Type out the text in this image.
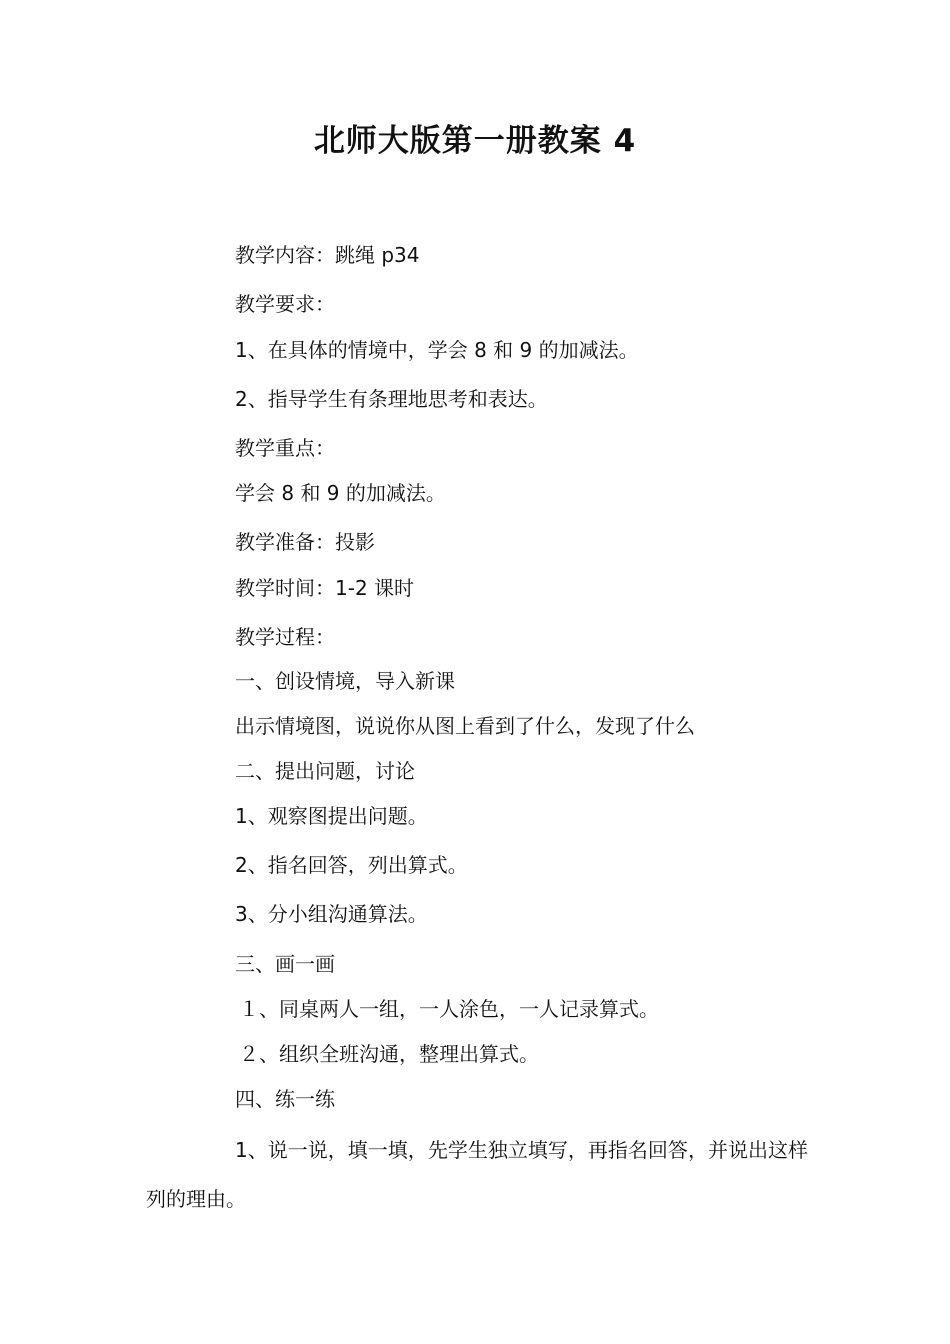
北师大版第一册教案 4
教学内容：跳绳 p34
教学要求：
1、在具体的情境中，学会 8 和 9 的加减法。
2、指导学生有条理地思考和表达。
教学重点：
学会 8 和 9 的加减法。
教学准备：投影
教学时间：1-2 课时
教学过程：
一、创设情境，导入新课
出示情境图，说说你从图上看到了什么，发现了什么
二、提出问题，讨论
1、观察图提出问题。
2、指名回答，列出算式。
3、分小组沟通算法。
三、画一画
１、同桌两人一组，一人涂色，一人记录算式。
２、组织全班沟通，整理出算式。
四、练一练
1、说一说，填一填，先学生独立填写，再指名回答，并说出这样列的理由。
